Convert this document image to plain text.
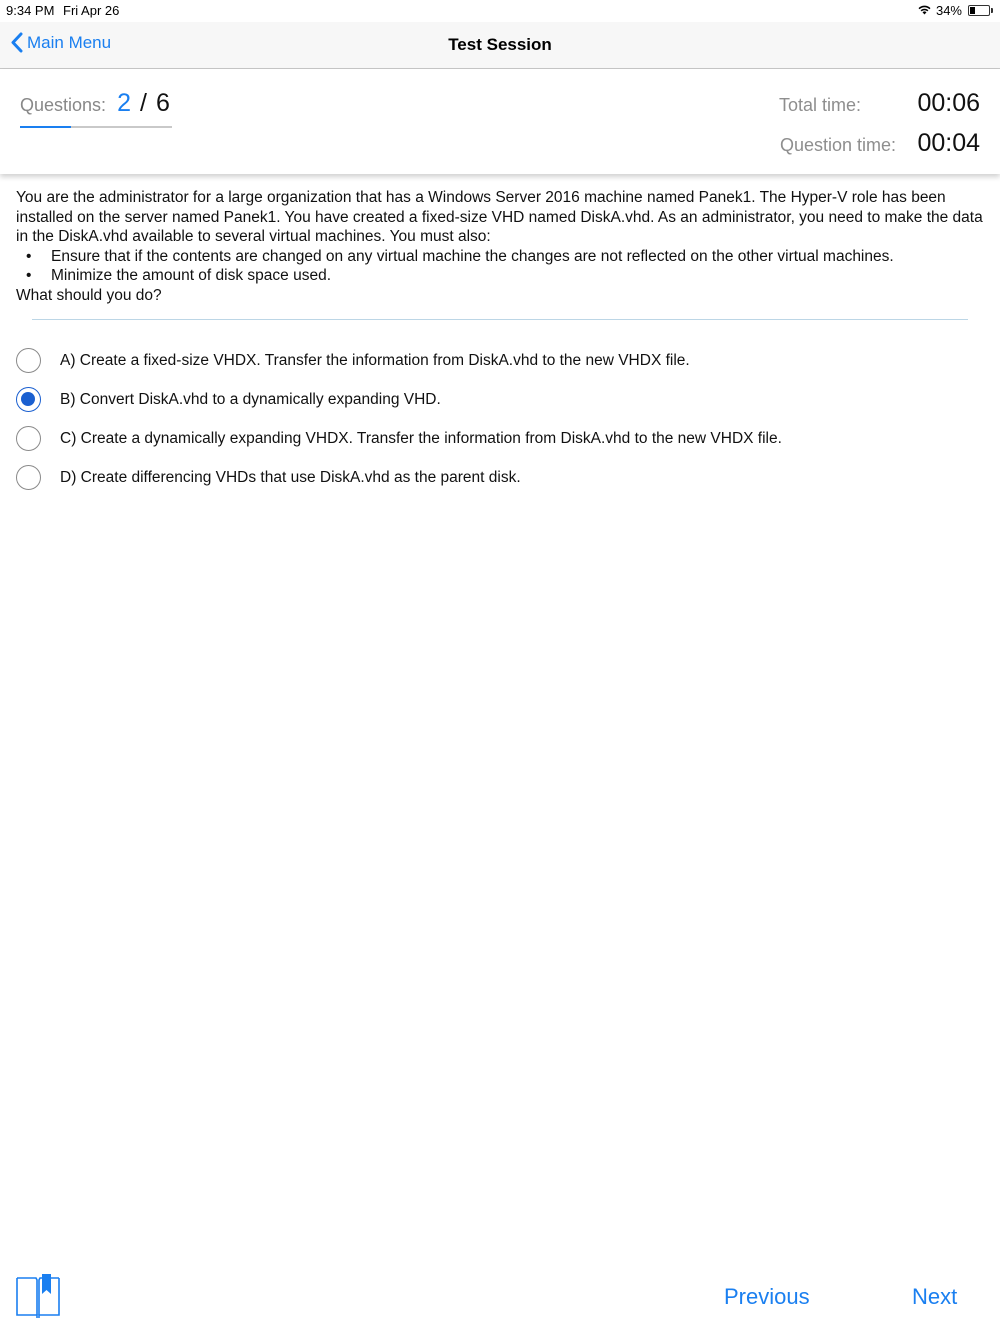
9:34 PM Fri Apr 26	34%
Main Menu	Test Session
Questions: 2 / 6	Total time:	00:06
Question time: 00:04

You are the administrator for a large organization that has a Windows Server 2016 machine named Panek1. The Hyper-V role has been installed on the server named Panek1. You have created a fixed-size VHD named DiskA.vhd. As an administrator, you need to make the data in the DiskA.vhd available to several virtual machines. You must also:

• Ensure that if the contents are changed on any virtual machine the changes are not reflected on the other virtual machines.
• Minimize the amount of disk space used.

What should you do?

A) Create a fixed-size VHDX. Transfer the information from DiskA.vhd to the new VHDX file.
B) Convert DiskA.vhd to a dynamically expanding VHD.
C) Create a dynamically expanding VHDX. Transfer the information from DiskA.vhd to the new VHDX file.
D) Create differencing VHDs that use DiskA.vhd as the parent disk.
Previous	Next
